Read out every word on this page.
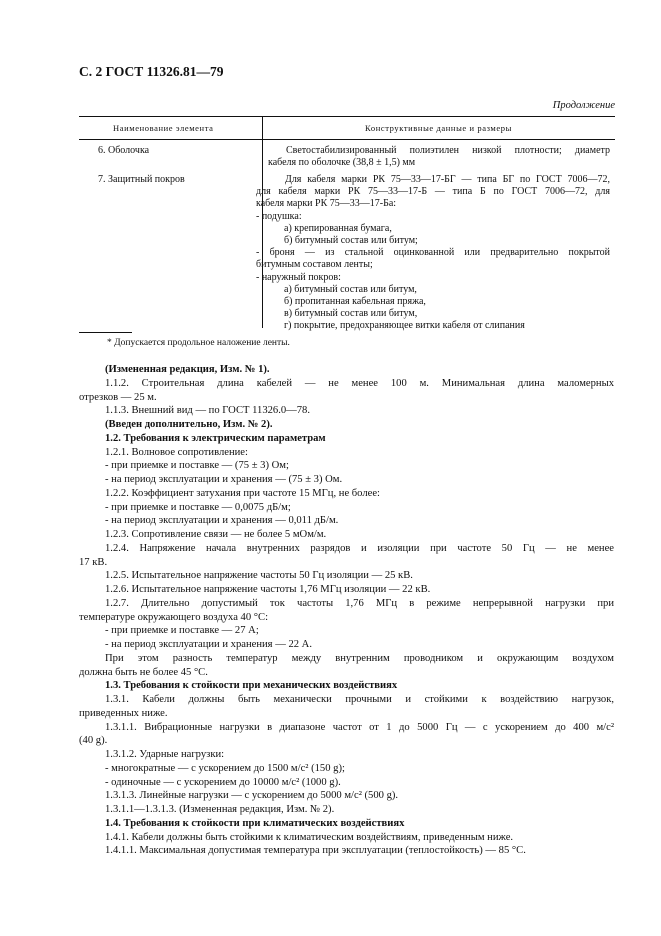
С. 2 ГОСТ 11326.81—79
Продолжение
Наименование элемента	Конструктивные данные и размеры
6. Оболочка	Светостабилизированный полиэтилен низкой плотности; диаметр
кабеля по оболочке (38,8 ± 1,5) мм
7. Защитный покров	Для кабеля марки РК 75—33—17-БГ — типа БГ по ГОСТ 7006—72,
для кабеля марки РК 75—33—17-Б — типа Б по ГОСТ 7006—72, для
кабеля марки РК 75—33—17-Ба:
- подушка:
а) крепированная бумага,
б) битумный состав или битум;
- броня — из стальной оцинкованной или предварительно покрытой
битумным составом ленты;
- наружный покров:
а) битумный состав или битум,
б) пропитанная кабельная пряжа,
в) битумный состав или битум,
г) покрытие, предохраняющее витки кабеля от слипания
* Допускается продольное наложение ленты.

(Измененная редакция, Изм. № 1).

1.1.2. Строительная длина кабелей — не менее 100 м. Минимальная длина маломерных

отрезков — 25 м.

1.1.3. Внешний вид — по ГОСТ 11326.0—78.

(Введен дополнительно, Изм. № 2).

1.2. Требования к электрическим параметрам

1.2.1. Волновое сопротивление:

- при приемке и поставке — (75 ± 3) Ом;

- на период эксплуатации и хранения — (75 ± 3) Ом.

1.2.2. Коэффициент затухания при частоте 15 МГц, не более:

- при приемке и поставке — 0,0075 дБ/м;

- на период эксплуатации и хранения — 0,011 дБ/м.

1.2.3. Сопротивление связи — не более 5 мОм/м.

1.2.4. Напряжение начала внутренних разрядов и изоляции при частоте 50 Гц — не менее

17 кВ.

1.2.5. Испытательное напряжение частоты 50 Гц изоляции — 25 кВ.

1.2.6. Испытательное напряжение частоты 1,76 МГц изоляции — 22 кВ.

1.2.7. Длительно допустимый ток частоты 1,76 МГц в режиме непрерывной нагрузки при

температуре окружающего воздуха 40 °С:

- при приемке и поставке — 27 А;

- на период эксплуатации и хранения — 22 А.

При этом разность температур между внутренним проводником и окружающим воздухом

должна быть не более 45 °С.

1.3. Требования к стойкости при механических воздействиях

1.3.1. Кабели должны быть механически прочными и стойкими к воздействию нагрузок,

приведенных ниже.

1.3.1.1. Вибрационные нагрузки в диапазоне частот от 1 до 5000 Гц — с ускорением до 400 м/с²

(40 g).

1.3.1.2. Ударные нагрузки:

- многократные — с ускорением до 1500 м/с² (150 g);

- одиночные — с ускорением до 10000 м/с² (1000 g).

1.3.1.3. Линейные нагрузки — с ускорением до 5000 м/с² (500 g).

1.3.1.1—1.3.1.3. (Измененная редакция, Изм. № 2).

1.4. Требования к стойкости при климатических воздействиях

1.4.1. Кабели должны быть стойкими к климатическим воздействиям, приведенным ниже.

1.4.1.1. Максимальная допустимая температура при эксплуатации (теплостойкость) — 85 °С.
